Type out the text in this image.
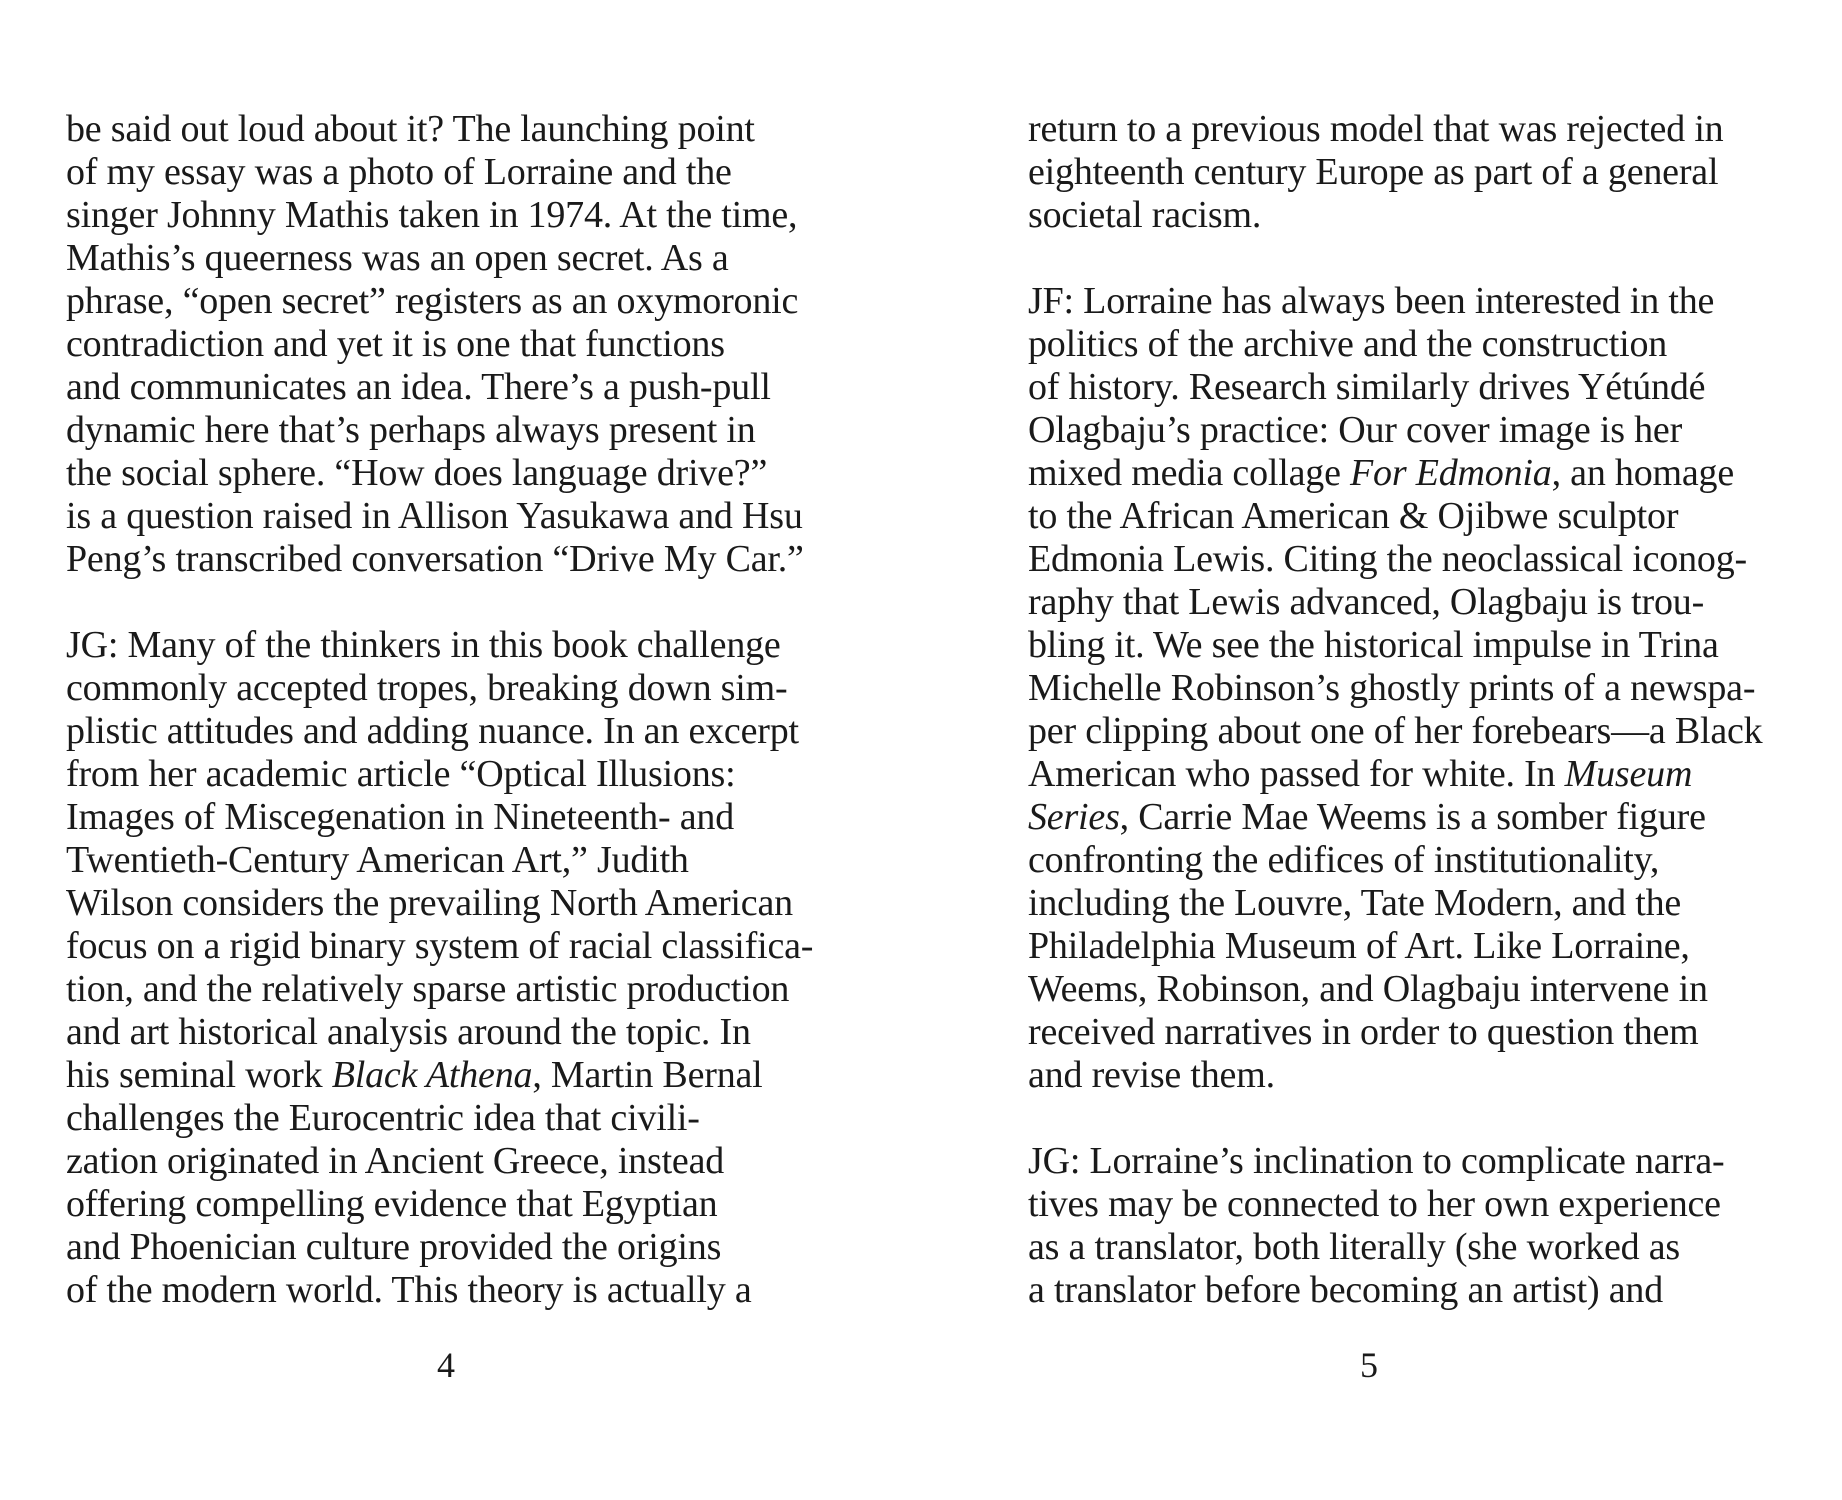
be said out loud about it? The launching point
of my essay was a photo of Lorraine and the
singer Johnny Mathis taken in 1974. At the time,
Mathis’s queerness was an open secret. As a
phrase, “open secret” registers as an oxymoronic
contradiction and yet it is one that functions
and communicates an idea. There’s a push-pull
dynamic here that’s perhaps always present in
the social sphere. “How does language drive?”
is a question raised in Allison Yasukawa and Hsu
Peng’s transcribed conversation “Drive My Car.”
JG: Many of the thinkers in this book challenge
commonly accepted tropes, breaking down sim-
plistic attitudes and adding nuance. In an excerpt
from her academic article “Optical Illusions:
Images of Miscegenation in Nineteenth- and
Twentieth-Century American Art,” Judith
Wilson considers the prevailing North American
focus on a rigid binary system of racial classifica-
tion, and the relatively sparse artistic production
and art historical analysis around the topic. In
his seminal work Black Athena, Martin Bernal
challenges the Eurocentric idea that civili-
zation originated in Ancient Greece, instead
offering compelling evidence that Egyptian
and Phoenician culture provided the origins
of the modern world. This theory is actually a
4
return to a previous model that was rejected in
eighteenth century Europe as part of a general
societal racism.
JF: Lorraine has always been interested in the
politics of the archive and the construction
of history. Research similarly drives Yétúndé
Olagbaju’s practice: Our cover image is her
mixed media collage For Edmonia, an homage
to the African American & Ojibwe sculptor
Edmonia Lewis. Citing the neoclassical iconog-
raphy that Lewis advanced, Olagbaju is trou-
bling it. We see the historical impulse in Trina
Michelle Robinson’s ghostly prints of a newspa-
per clipping about one of her forebears—a Black
American who passed for white. In Museum
Series, Carrie Mae Weems is a somber figure
confronting the edifices of institutionality,
including the Louvre, Tate Modern, and the
Philadelphia Museum of Art. Like Lorraine,
Weems, Robinson, and Olagbaju intervene in
received narratives in order to question them
and revise them.
JG: Lorraine’s inclination to complicate narra-
tives may be connected to her own experience
as a translator, both literally (she worked as
a translator before becoming an artist) and
5
